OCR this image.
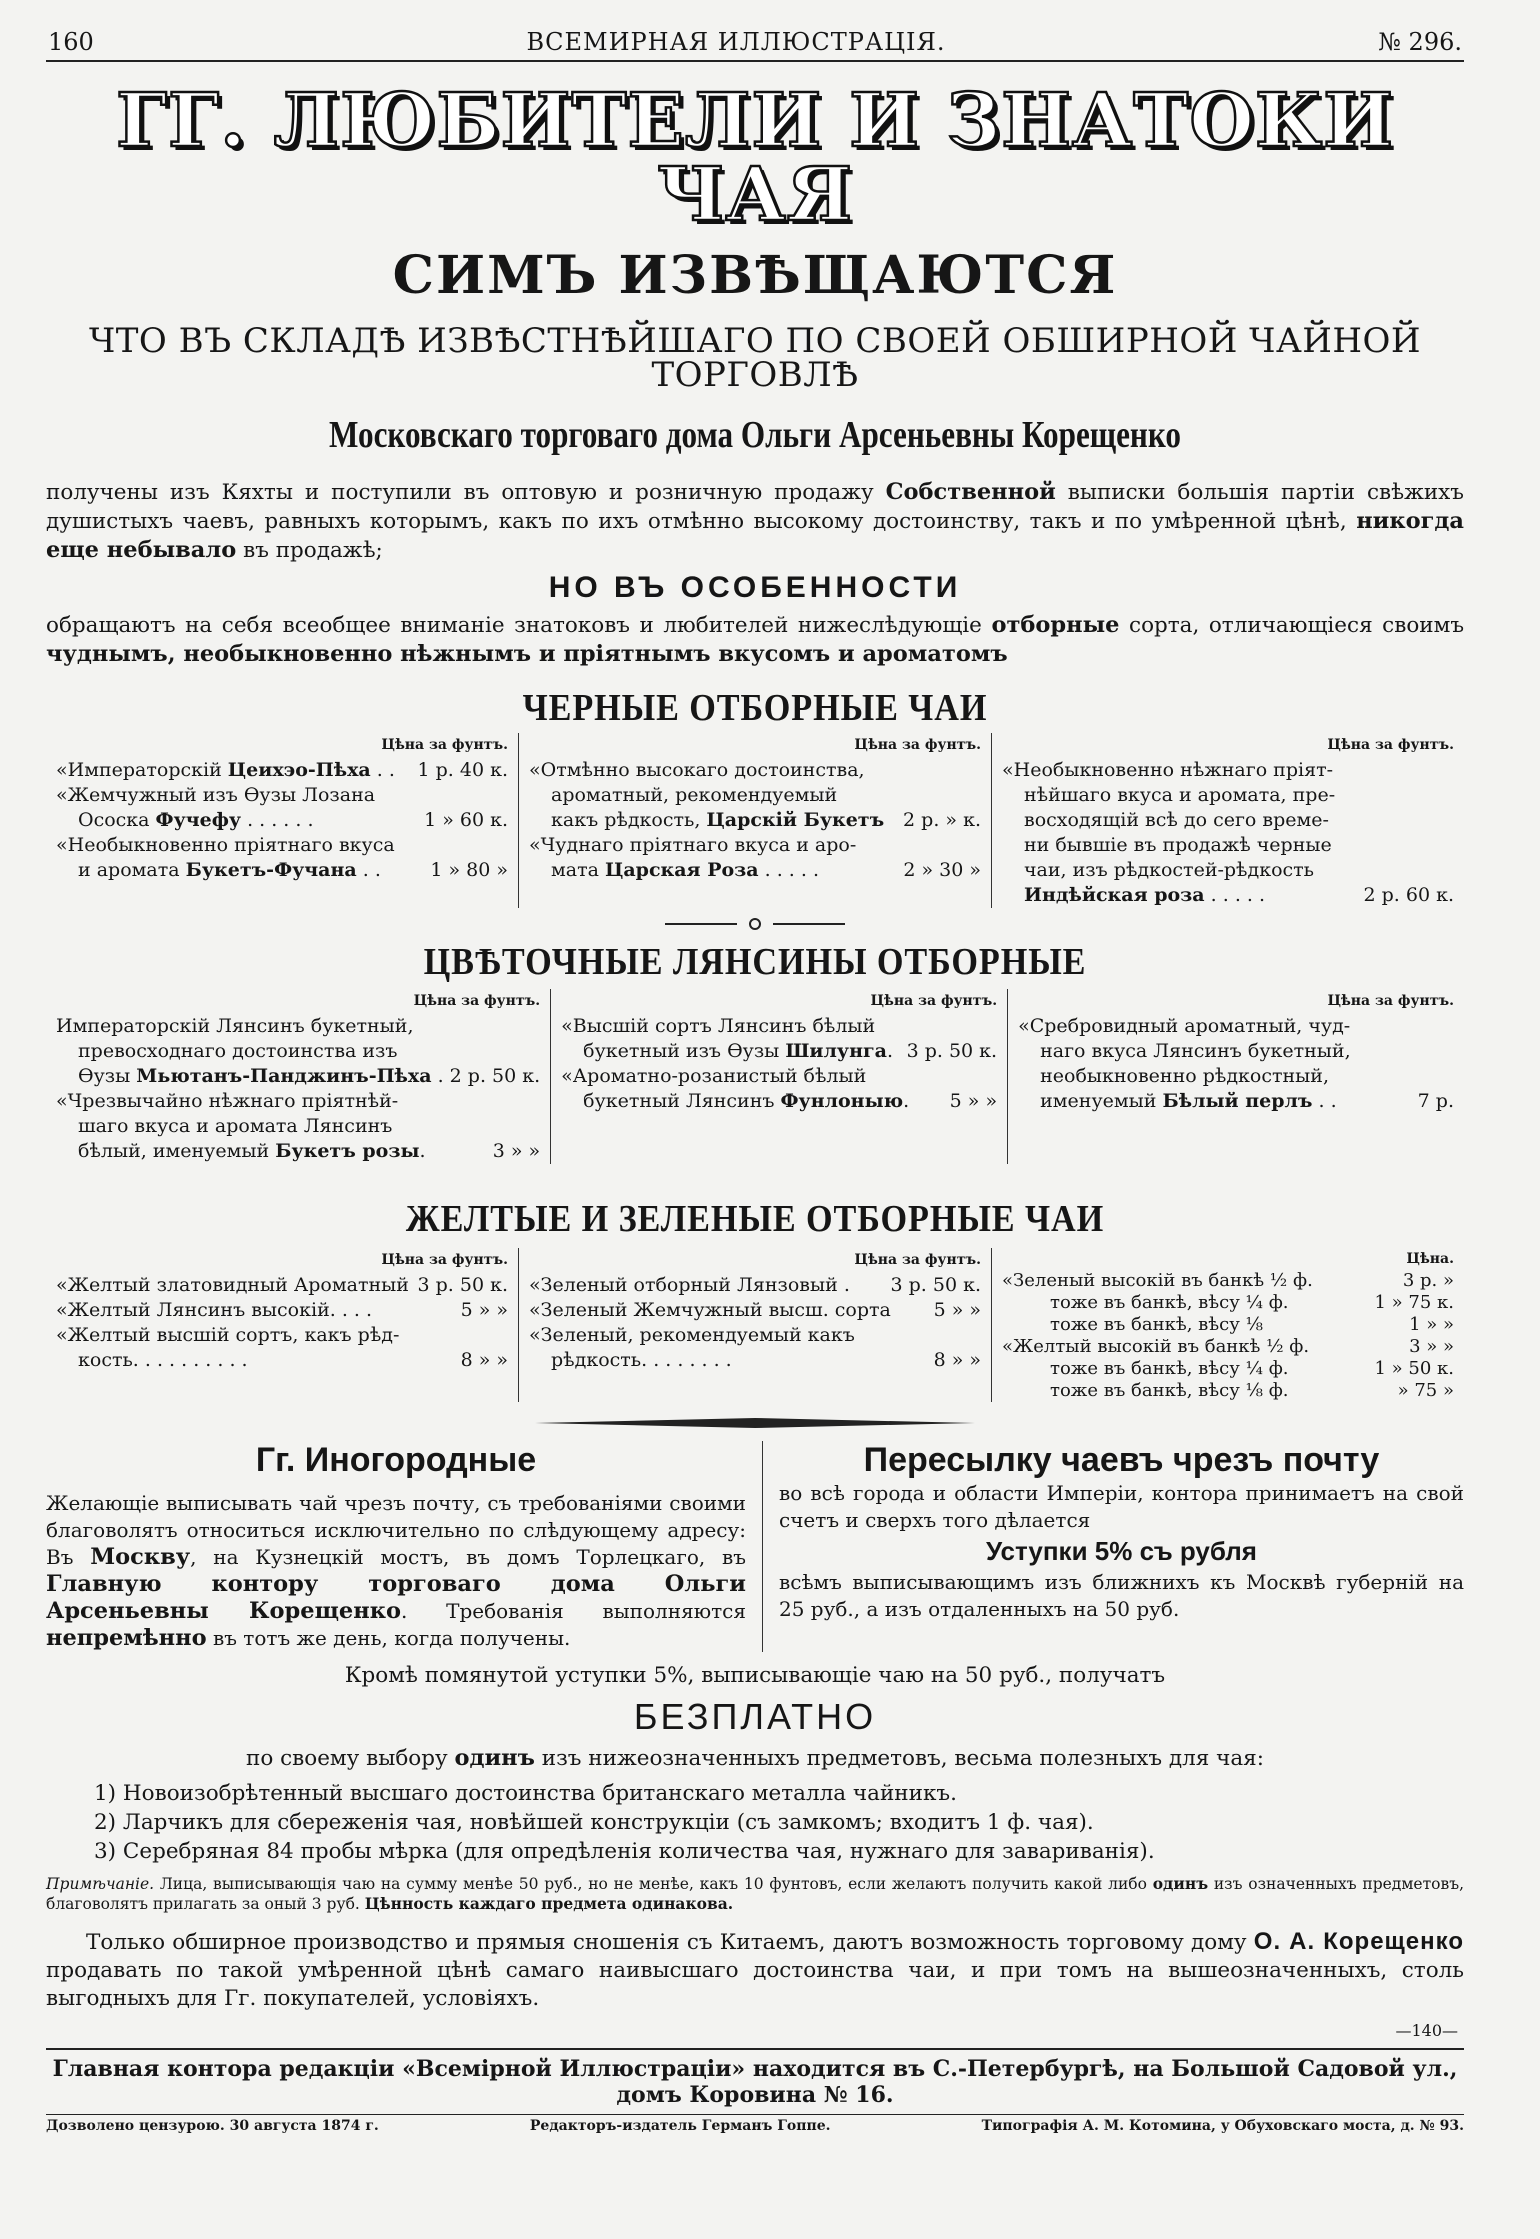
160	ВСЕМИРНАЯ ИЛЛЮСТРАЦІЯ.	№ 296.
ГГ. ЛЮБИТЕЛИ И ЗНАТОКИ ЧАЯ
СИМЪ ИЗВѢЩАЮТСЯ
ЧТО ВЪ СКЛАДѢ ИЗВѢСТНѢЙШАГО ПО СВОЕЙ ОБШИРНОЙ ЧАЙНОЙ ТОРГОВЛѢ
Московскаго торговаго дома Ольги Арсеньевны Корещенко

получены изъ Кяхты и поступили въ оптовую и розничную продажу Собственной выписки большія партіи свѣжихъ душистыхъ чаевъ, равныхъ которымъ, какъ по ихъ отмѣнно высокому достоинству, такъ и по умѣренной цѣнѣ, никогда еще небывало въ продажѣ;

НО ВЪ ОСОБЕННОСТИ

обращаютъ на себя всеобщее вниманіе знатоковъ и любителей нижеслѣдующіе отборные сорта, отличающіеся своимъ чуднымъ, необыкновенно нѣжнымъ и пріятнымъ вкусомъ и ароматомъ

ЧЕРНЫЕ ОТБОРНЫЕ ЧАИ
Цѣна за фунтъ.
«Императорскій Цеихэо-Пѣха . .	1 р. 40 к.
«Жемчужный изъ Ѳузы Лозана
Ососка Фучефу . . . . . .	1 » 60 к.
«Необыкновенно пріятнаго вкуса
и аромата Букетъ-Фучана . .	1 » 80 »
Цѣна за фунтъ.
«Отмѣнно высокаго достоинства,
ароматный, рекомендуемый
какъ рѣдкость, Царскій Букетъ 2 р. » к.
«Чуднаго пріятнаго вкуса и аро-
мата Царская Роза . . . . .	2 » 30 »
Цѣна за фунтъ.
«Необыкновенно нѣжнаго пріят-
нѣйшаго вкуса и аромата, пре-
восходящій всѣ до сего време-
ни бывшіе въ продажѣ черные
чаи, изъ рѣдкостей-рѣдкость
Индѣйская роза . . . . .	2 р. 60 к.
ЦВѢТОЧНЫЕ ЛЯНСИНЫ ОТБОРНЫЕ
Цѣна за фунтъ.
Императорскій Лянсинъ букетный,
превосходнаго достоинства изъ
Ѳузы Мьютанъ-Панджинъ-Пѣха . 2 р. 50 к.
«Чрезвычайно нѣжнаго пріятнѣй-
шаго вкуса и аромата Лянсинъ
бѣлый, именуемый Букетъ розы.	3 » »
Цѣна за фунтъ.
«Высшій сортъ Лянсинъ бѣлый
букетный изъ Ѳузы Шилунга. 3 р. 50 к.
«Ароматно-розанистый бѣлый
букетный Лянсинъ Фунлоныю.	5 » »
Цѣна за фунтъ.
«Сребровидный ароматный, чуд-
наго вкуса Лянсинъ букетный,
необыкновенно рѣдкостный,
именуемый Бѣлый перлъ . .	7 р.
ЖЕЛТЫЕ И ЗЕЛЕНЫЕ ОТБОРНЫЕ ЧАИ
Цѣна за фунтъ.
«Желтый златовидный Ароматный 3 р. 50 к.
«Желтый Лянсинъ высокій. . . .	5 » »
«Желтый высшій сортъ, какъ рѣд-
кость. . . . . . . . . .	8 » »
Цѣна за фунтъ.
«Зеленый отборный Лянзовый .	3 р. 50 к.
«Зеленый Жемчужный высш. сорта	5 » »
«Зеленый, рекомендуемый какъ
рѣдкость. . . . . . . .	8 » »
Цѣна.
«Зеленый высокій въ банкѣ ½ ф.	3 р. »
тоже въ банкѣ, вѣсу ¼ ф.	1 » 75 к.
тоже въ банкѣ, вѣсу ⅛	1 » »
«Желтый высокій въ банкѣ ½ ф.	3 » »
тоже въ банкѣ, вѣсу ¼ ф.	1 » 50 к.
тоже въ банкѣ, вѣсу ⅛ ф.	» 75 »
Гг. Иногородные

Желающіе выписывать чай чрезъ почту, съ требованіями своими благоволятъ относиться исключительно по слѣдующему адресу: Въ Москву, на Кузнецкій мостъ, въ домъ Торлецкаго, въ Главную контору торговаго дома Ольги Арсеньевны Корещенко. Требованія выполняются непремѣнно въ тотъ же день, когда получены.

Пересылку чаевъ чрезъ почту

во всѣ города и области Имперіи, контора принимаетъ на свой счетъ и сверхъ того дѣлается

Уступки 5% съ рубля

всѣмъ выписывающимъ изъ ближнихъ къ Москвѣ губерній на 25 руб., а изъ отдаленныхъ на 50 руб.

Кромѣ помянутой уступки 5%, выписывающіе чаю на 50 руб., получатъ

БЕЗПЛАТНО

по своему выбору одинъ изъ нижеозначенныхъ предметовъ, весьма полезныхъ для чая:

1) Новоизобрѣтенный высшаго достоинства британскаго металла чайникъ.
2) Ларчикъ для сбереженія чая, новѣйшей конструкціи (съ замкомъ; входитъ 1 ф. чая).
3) Серебряная 84 пробы мѣрка (для опредѣленія количества чая, нужнаго для завариванія).

Примѣчаніе. Лица, выписывающія чаю на сумму менѣе 50 руб., но не менѣе, какъ 10 фунтовъ, если желаютъ получить какой либо одинъ изъ означенныхъ предметовъ, благоволятъ прилагать за оный 3 руб. Цѣнность каждаго предмета одинакова.

Только обширное производство и прямыя сношенія съ Китаемъ, даютъ возможность торговому дому О. А. Корещенко продавать по такой умѣренной цѣнѣ самаго наивысшаго достоинства чаи, и при томъ на вышеозначенныхъ, столь выгодныхъ для Гг. покупателей, условіяхъ.

—140—
Главная контора редакціи «Всемірной Иллюстраціи» находится въ С.-Петербургѣ, на Большой Садовой ул., домъ Коровина № 16.
Дозволено цензурою. 30 августа 1874 г.	Редакторъ-издатель Германъ Гоппе.	Типографія А. М. Котомина, у Обуховскаго моста, д. № 93.
